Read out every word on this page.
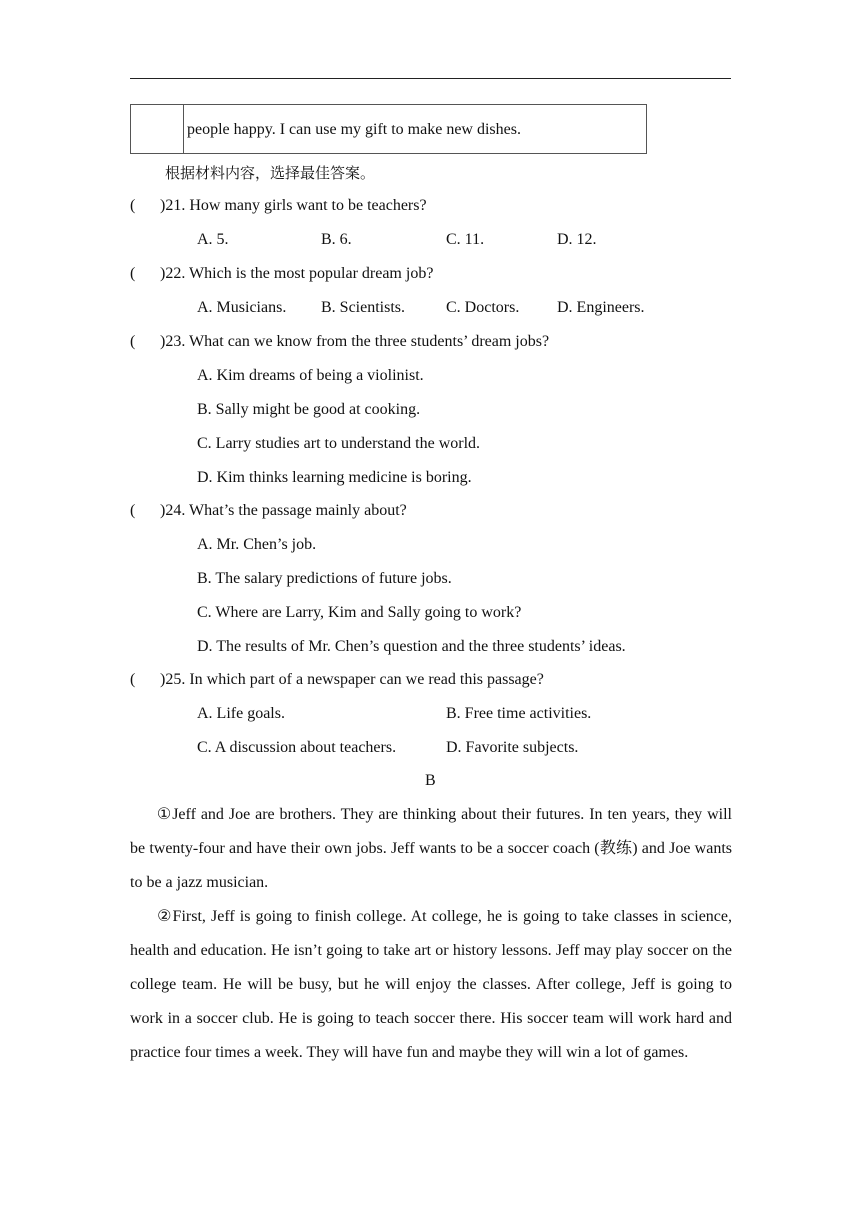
people happy. I can use my gift to make new dishes.
根据材料内容，选择最佳答案。
( )21. How many girls want to be teachers?
A. 5.	B. 6.	C. 11.	D. 12.
( )22. Which is the most popular dream job?
A. Musicians. B. Scientists.	C. Doctors. D. Engineers.
( )23. What can we know from the three students’ dream jobs?
A. Kim dreams of being a violinist.
B. Sally might be good at cooking.
C. Larry studies art to understand the world.
D. Kim thinks learning medicine is boring.
( )24. What’s the passage mainly about?
A. Mr. Chen’s job.
B. The salary predictions of future jobs.
C. Where are Larry, Kim and Sally going to work?
D. The results of Mr. Chen’s question and the three students’ ideas.
( )25. In which part of a newspaper can we read this passage?
A. Life goals.	B. Free time activities.
C. A discussion about teachers.	D. Favorite subjects.
B
①Jeff and Joe are brothers. They are thinking about their futures. In ten years, they will be twenty-four and have their own jobs. Jeff wants to be a soccer coach (教练) and Joe wants to be a jazz musician.
②First, Jeff is going to finish college. At college, he is going to take classes in science, health and education. He isn’t going to take art or history lessons. Jeff may play soccer on the college team. He will be busy, but he will enjoy the classes. After college, Jeff is going to work in a soccer club. He is going to teach soccer there. His soccer team will work hard and practice four times a week. They will have fun and maybe they will win a lot of games.
